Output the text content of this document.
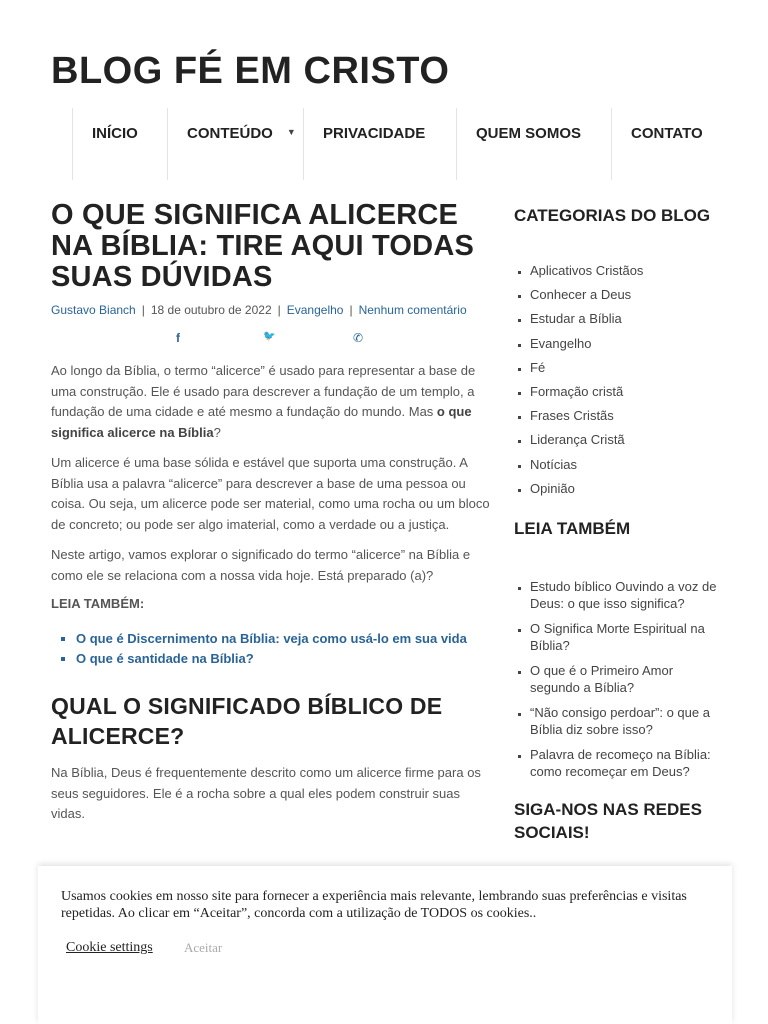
BLOG FÉ EM CRISTO
INÍCIO	CONTEÚDO ▼ PRIVACIDADE	QUEM SOMOS	CONTATO
O QUE SIGNIFICA ALICERCE NA BÍBLIA: TIRE AQUI TODAS SUAS DÚVIDAS
Gustavo Bianch | 18 de outubro de 2022 | Evangelho | Nenhum comentário
f	🐦	✆

Ao longo da Bíblia, o termo “alicerce” é usado para representar a base de uma construção. Ele é usado para descrever a fundação de um templo, a fundação de uma cidade e até mesmo a fundação do mundo. Mas o que significa alicerce na Bíblia?

Um alicerce é uma base sólida e estável que suporta uma construção. A Bíblia usa a palavra “alicerce” para descrever a base de uma pessoa ou coisa. Ou seja, um alicerce pode ser material, como uma rocha ou um bloco de concreto; ou pode ser algo imaterial, como a verdade ou a justiça.

Neste artigo, vamos explorar o significado do termo “alicerce” na Bíblia e como ele se relaciona com a nossa vida hoje. Está preparado (a)?

LEIA TAMBÉM:
▪ O que é Discernimento na Bíblia: veja como usá-lo em sua vida
▪ O que é santidade na Bíblia?
QUAL O SIGNIFICADO BÍBLICO DE ALICERCE?

Na Bíblia, Deus é frequentemente descrito como um alicerce firme para os seus seguidores. Ele é a rocha sobre a qual eles podem construir suas vidas.

CATEGORIAS DO BLOG
▪ Aplicativos Cristãos
▪ Conhecer a Deus
▪ Estudar a Bíblia
▪ Evangelho
▪ Fé
▪ Formação cristã
▪ Frases Cristãs
▪ Liderança Cristã
▪ Notícias
▪ Opinião
LEIA TAMBÉM
▪ Estudo bíblico Ouvindo a voz de Deus: o que isso significa?
▪ O Significa Morte Espiritual na Bíblia?
▪ O que é o Primeiro Amor segundo a Bíblia?
▪ “Não consigo perdoar”: o que a Bíblia diz sobre isso?
▪ Palavra de recomeço na Bíblia: como recomeçar em Deus?
SIGA-NOS NAS REDES SOCIAIS!
Usamos cookies em nosso site para fornecer a experiência mais relevante, lembrando suas preferências e visitas repetidas. Ao clicar em “Aceitar”, concorda com a utilização de TODOS os cookies..
Cookie settings Aceitar
